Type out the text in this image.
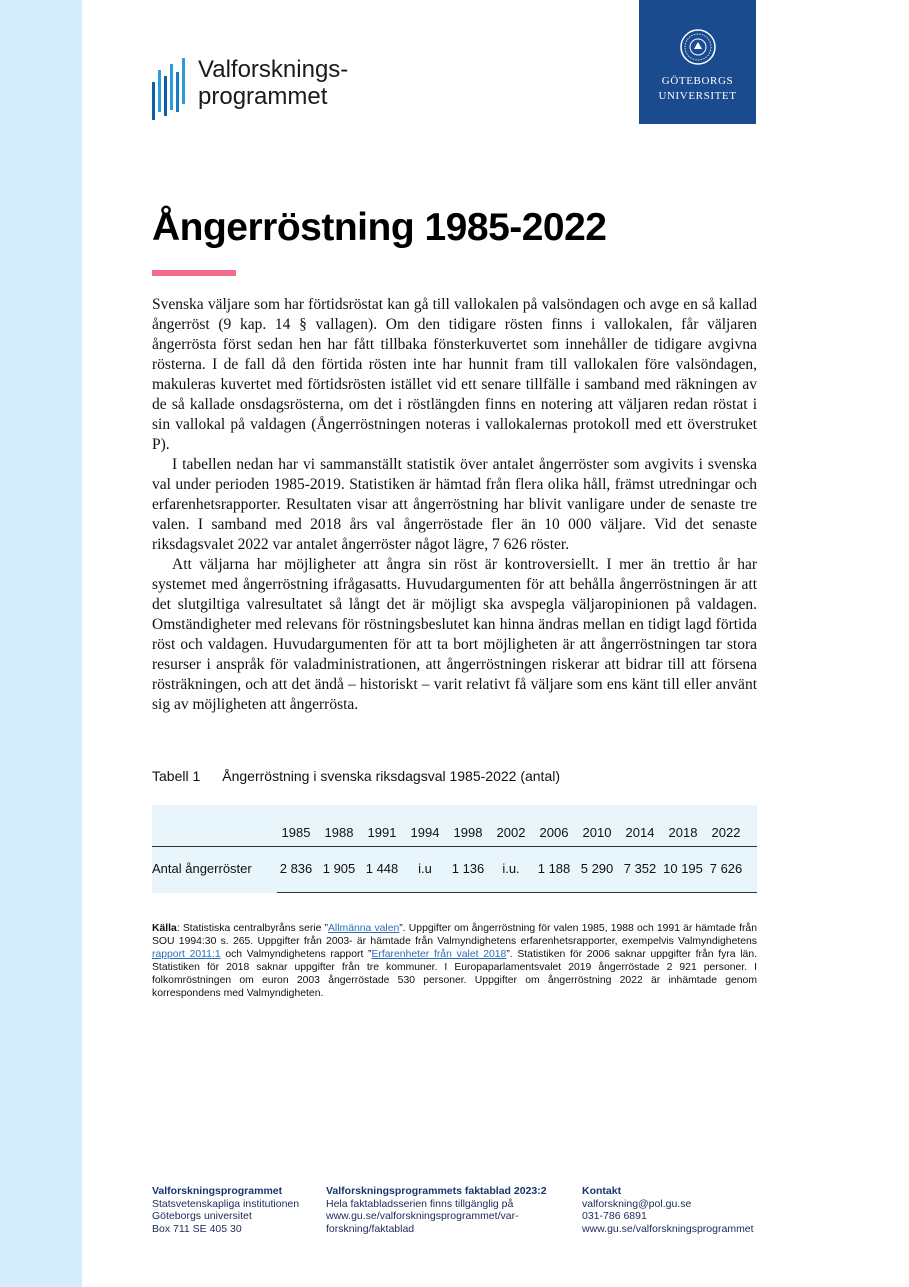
Valforsknings-
programmet
GÖTEBORGS
UNIVERSITET
Ångerröstning 1985-2022

Svenska väljare som har förtidsröstat kan gå till vallokalen på valsöndagen och avge en så kallad ångerröst (9 kap. 14 § vallagen). Om den tidigare rösten finns i vallokalen, får väljaren ångerrösta först sedan hen har fått tillbaka fönsterkuvertet som innehåller de tidigare avgivna rösterna. I de fall då den förtida rösten inte har hunnit fram till vallokalen före valsöndagen, makuleras kuvertet med förtidsrösten istället vid ett senare tillfälle i samband med räkningen av de så kallade onsdagsrösterna, om det i röstlängden finns en notering att väljaren redan röstat i sin vallokal på valdagen (Ångerröstningen noteras i vallokalernas protokoll med ett överstruket P).

I tabellen nedan har vi sammanställt statistik över antalet ångerröster som avgivits i svenska val under perioden 1985-2019. Statistiken är hämtad från flera olika håll, främst utredningar och erfarenhetsrapporter. Resultaten visar att ångerröstning har blivit vanligare under de senaste tre valen. I samband med 2018 års val ångerröstade fler än 10 000 väljare. Vid det senaste riksdagsvalet 2022 var antalet ångerröster något lägre, 7 626 röster.

Att väljarna har möjligheter att ångra sin röst är kontroversiellt. I mer än trettio år har systemet med ångerröstning ifrågasatts. Huvudargumenten för att behålla ångerröstningen är att det slutgiltiga valresultatet så långt det är möjligt ska avspegla väljaropinionen på valdagen. Omständigheter med relevans för röstningsbeslutet kan hinna ändras mellan en tidigt lagd förtida röst och valdagen. Huvudargumenten för att ta bort möjligheten är att ångerröstningen tar stora resurser i anspråk för valadministrationen, att ångerröstningen riskerar att bidrar till att försena rösträkningen, och att det ändå – historiskt – varit relativt få väljare som ens känt till eller använt sig av möjligheten att ångerrösta.

Tabell 1 Ångerröstning i svenska riksdagsval 1985-2022 (antal)
Antal ångerröster
1985
2 836
1988
1 905
1991
1 448
1994
i.u
1998
1 136
2002
i.u.
2006
1 188
2010
5 290
2014
7 352
2018
10 195
2022
7 626
Källa: Statistiska centralbyråns serie ”Allmänna valen”. Uppgifter om ångerröstning för valen 1985, 1988 och 1991 är hämtade från SOU 1994:30 s. 265. Uppgifter från 2003- är hämtade från Valmyndighetens erfarenhetsrapporter, exempelvis Valmyndighetens rapport 2011:1 och Valmyndighetens rapport ”Erfarenheter från valet 2018”. Statistiken för 2006 saknar uppgifter från fyra län. Statistiken för 2018 saknar uppgifter från tre kommuner. I Europaparlamentsvalet 2019 ångerröstade 2 921 personer. I folkomröstningen om euron 2003 ångerröstade 530 personer. Uppgifter om ångerröstning 2022 är inhämtade genom korrespondens med Valmyndigheten.
Valforskningsprogrammet
Statsvetenskapliga institutionen
Göteborgs universitet
Box 711 SE 405 30
Valforskningsprogrammets faktablad 2023:2
Hela faktabladsserien finns tillgänglig på
www.gu.se/valforskningsprogrammet/var-
forskning/faktablad
Kontakt
valforskning@pol.gu.se
031-786 6891
www.gu.se/valforskningsprogrammet
